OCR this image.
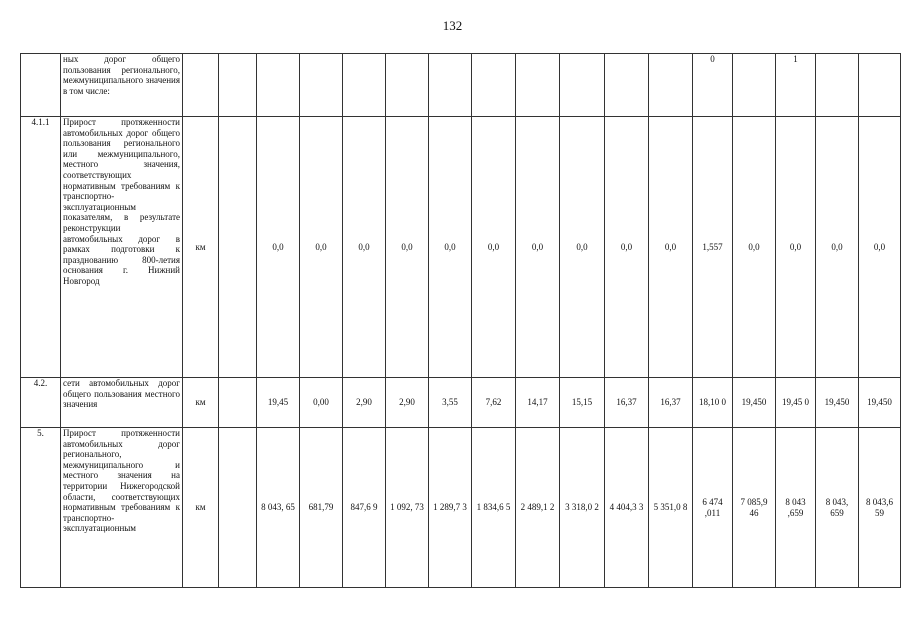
132
	ных дорог общего пользования регионального, межмуниципального значения в том числе:													0		1		
4.1.1	Прирост протяженности автомобильных дорог общего пользования регионального или межмуниципального, местного значения, соответствующих нормативным требованиям к транспортно-эксплуатационным показателям, в результате реконструкции автомобильных дорог в рамках подготовки к празднованию 800-летия основания г. Нижний Новгород	км		0,0	0,0	0,0	0,0	0,0	0,0	0,0	0,0	0,0	0,0	1,557	0,0	0,0	0,0	0,0
4.2.	сети автомобильных дорог общего пользования местного значения	км		19,45	0,00	2,90	2,90	3,55	7,62	14,17	15,15	16,37	16,37	18,10 0	19,450	19,45 0	19,450	19,450
5.	Прирост протяженности автомобильных дорог регионального, межмуниципального и местного значения на территории Нижегородской области, соответствующих нормативным требованиям к транспортно-эксплуатационным	км		8 043, 65	681,79	847,6 9	1 092, 73	1 289,7 3	1 834,6 5	2 489,1 2	3 318,0 2	4 404,3 3	5 351,0 8	6 474 ,011	7 085,9 46	8 043 ,659	8 043, 659	8 043,6 59
